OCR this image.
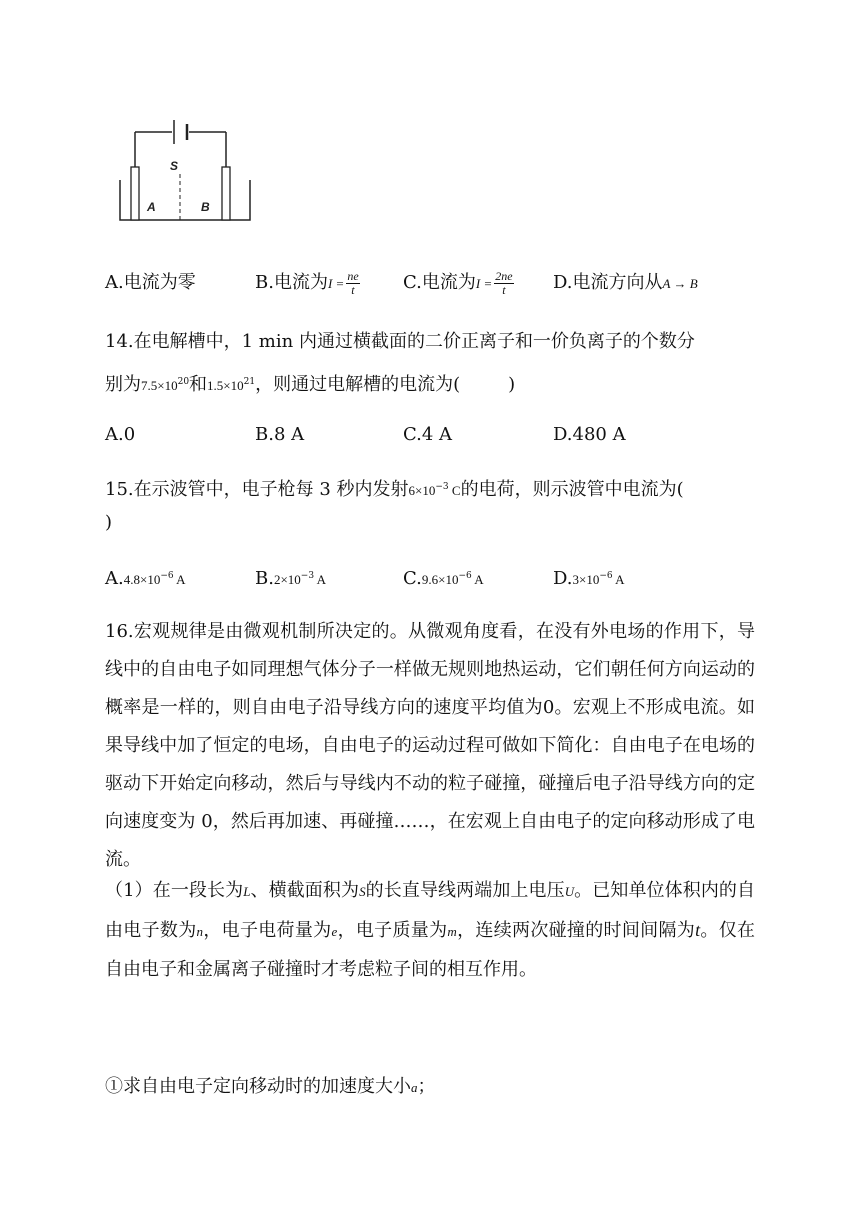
S
A	B
A.电流为零	B.电流为$I = \frac{ne}{t} C$.电流为$I = \frac{2ne}{t} D$.电流方向从A → B
14.在电解槽中，1 min 内通过横截面的二价正离子和一价负离子的个数分
别为$7.5\times 10^{20}$和$1.5\times 10^{21}$，则通过电解槽的电流为(	)
A.0	B.8 A	C.4 A	D.480 A
15.在示波管中，电子枪每 3 秒内发射$6\times 10^{-3}$ C的电荷，则示波管中电流为(
)
$A.4.8\times 10^{-6}$ A	$B.2\times 10^{-3}$ A	$C.9.6\times 10^{-6}$ A	$D.3\times 10^{-6}$ A
16.宏观规律是由微观机制所决定的。从微观角度看，在没有外电场的作用下，导线中的自由电子如同理想气体分子一样做无规则地热运动，它们朝任何方向运动的概率是一样的，则自由电子沿导线方向的速度平均值为0。宏观上不形成电流。如果导线中加了恒定的电场，自由电子的运动过程可做如下简化：自由电子在电场的驱动下开始定向移动，然后与导线内不动的粒子碰撞，碰撞后电子沿导线方向的定向速度变为 0，然后再加速、再碰撞……，在宏观上自由电子的定向移动形成了电流。
（1）在一段长为L、横截面积为S的长直导线两端加上电压U。已知单位体积内的自由电子数为n，电子电荷量为e，电子质量为m，连续两次碰撞的时间间隔为t。仅在自由电子和金属离子碰撞时才考虑粒子间的相互作用。
①求自由电子定向移动时的加速度大小a；
